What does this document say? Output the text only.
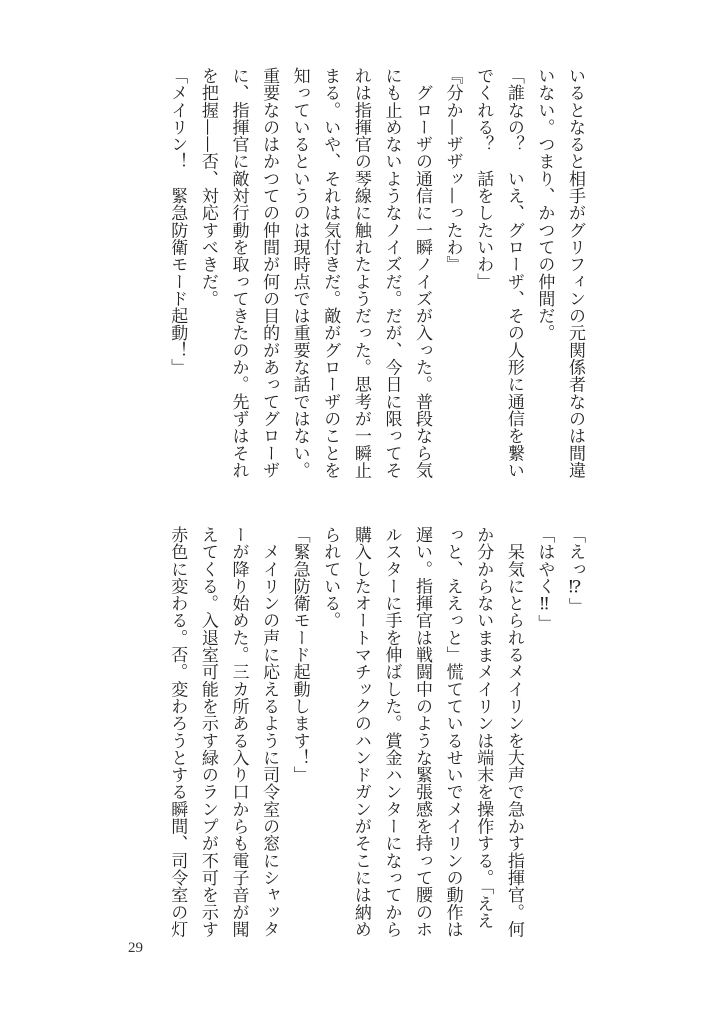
いるとなると相手がグリフィンの元関係者なのは間違
いない。つまり、かつての仲間だ。
「誰なの？　いえ、グローザ、その人形に通信を繋い
でくれる？　話をしたいわ」
『分か—ザザッ—ったわ』
　グローザの通信に一瞬ノイズが入った。普段なら気
にも止めないようなノイズだ。だが、今日に限ってそ
れは指揮官の琴線に触れたようだった。思考が一瞬止
まる。いや、それは気付きだ。敵がグローザのことを
知っているというのは現時点では重要な話ではない。
重要なのはかつての仲間が何の目的があってグローザ
に、指揮官に敵対行動を取ってきたのか。先ずはそれ
を把握——否、対応すべきだ。
「メイリン！　緊急防衛モード起動！」
「えっ⁉」
「はやく‼」
　呆気にとられるメイリンを大声で急かす指揮官。何
か分からないままメイリンは端末を操作する。「ええ
っと、ええっと」慌てているせいでメイリンの動作は
遅い。指揮官は戦闘中のような緊張感を持って腰のホ
ルスターに手を伸ばした。賞金ハンターになってから
購入したオートマチックのハンドガンがそこには納め
られている。
「緊急防衛モード起動します！」
　メイリンの声に応えるように司令室の窓にシャッタ
ーが降り始めた。三カ所ある入り口からも電子音が聞
えてくる。入退室可能を示す緑のランプが不可を示す
赤色に変わる。否。変わろうとする瞬間、司令室の灯
29
